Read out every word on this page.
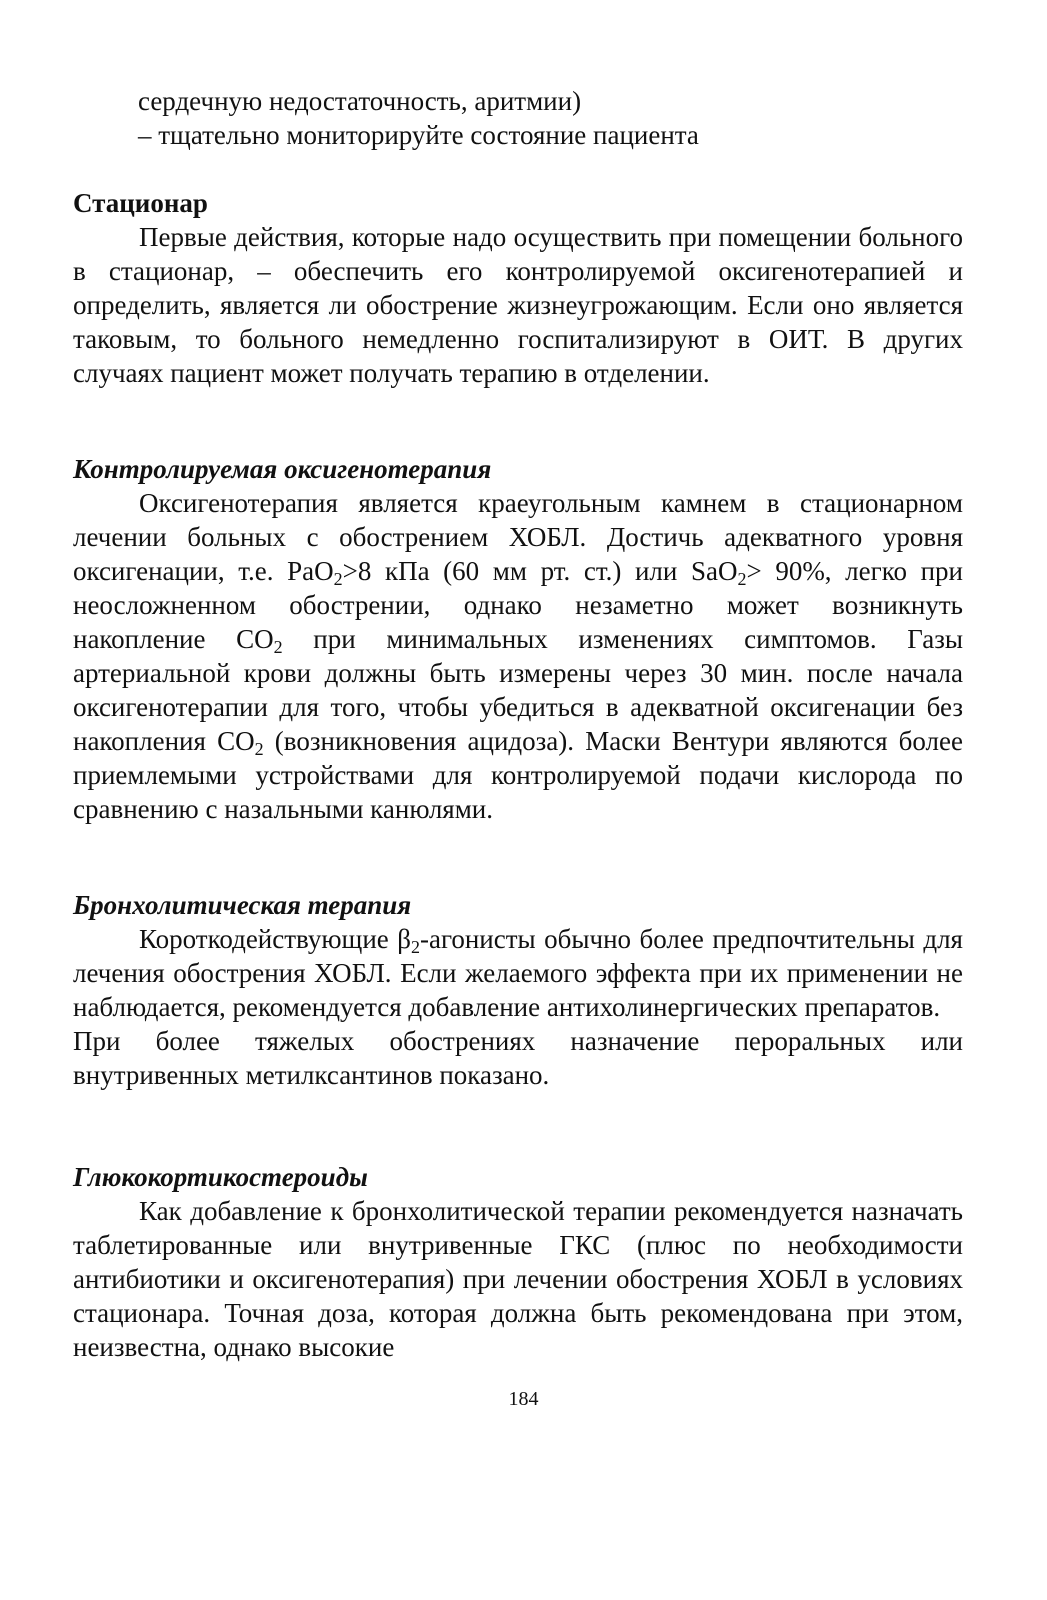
сердечную недостаточность, аритмии)

– тщательно мониторируйте состояние пациента

Стационар

Первые действия, которые надо осуществить при помещении больного в стационар, – обеспечить его контролируемой оксигенотерапией и определить, является ли обострение жизнеугрожающим. Если оно является таковым, то больного немедленно госпитализируют в ОИТ. В других случаях пациент может получать терапию в отделении.

Контролируемая оксигенотерапия

Оксигенотерапия является краеугольным камнем в стационарном лечении больных с обострением ХОБЛ. Достичь адекватного уровня оксигенации, т.е. PaO$_2$>8 кПа (60 мм рт. ст.) или SaO$_2$> 90%, легко при неосложненном обострении, однако незаметно может возникнуть накопление $CO_2$ при минимальных изменениях симптомов. Газы артериальной крови должны быть измерены через 30 мин. после начала оксигенотерапии для того, чтобы убедиться в адекватной оксигенации без накопления $CO_2$ (возникновения ацидоза). Маски Вентури являются более приемлемыми устройствами для контролируемой подачи кислорода по сравнению с назальными канюлями.

Бронхолитическая терапия

Короткодействующие $\beta_2$-агонисты обычно более предпочтительны для лечения обострения ХОБЛ. Если желаемого эффекта при их применении не наблюдается, рекомендуется добавление антихолинергических препаратов.

При более тяжелых обострениях назначение пероральных или внутривенных метилксантинов показано.

Глюкокортикостероиды

Как добавление к бронхолитической терапии рекомендуется назначать таблетированные или внутривенные ГКС (плюс по необходимости антибиотики и оксигенотерапия) при лечении обострения ХОБЛ в условиях стационара. Точная доза, которая должна быть рекомендована при этом, неизвестна, однако высокие

184
